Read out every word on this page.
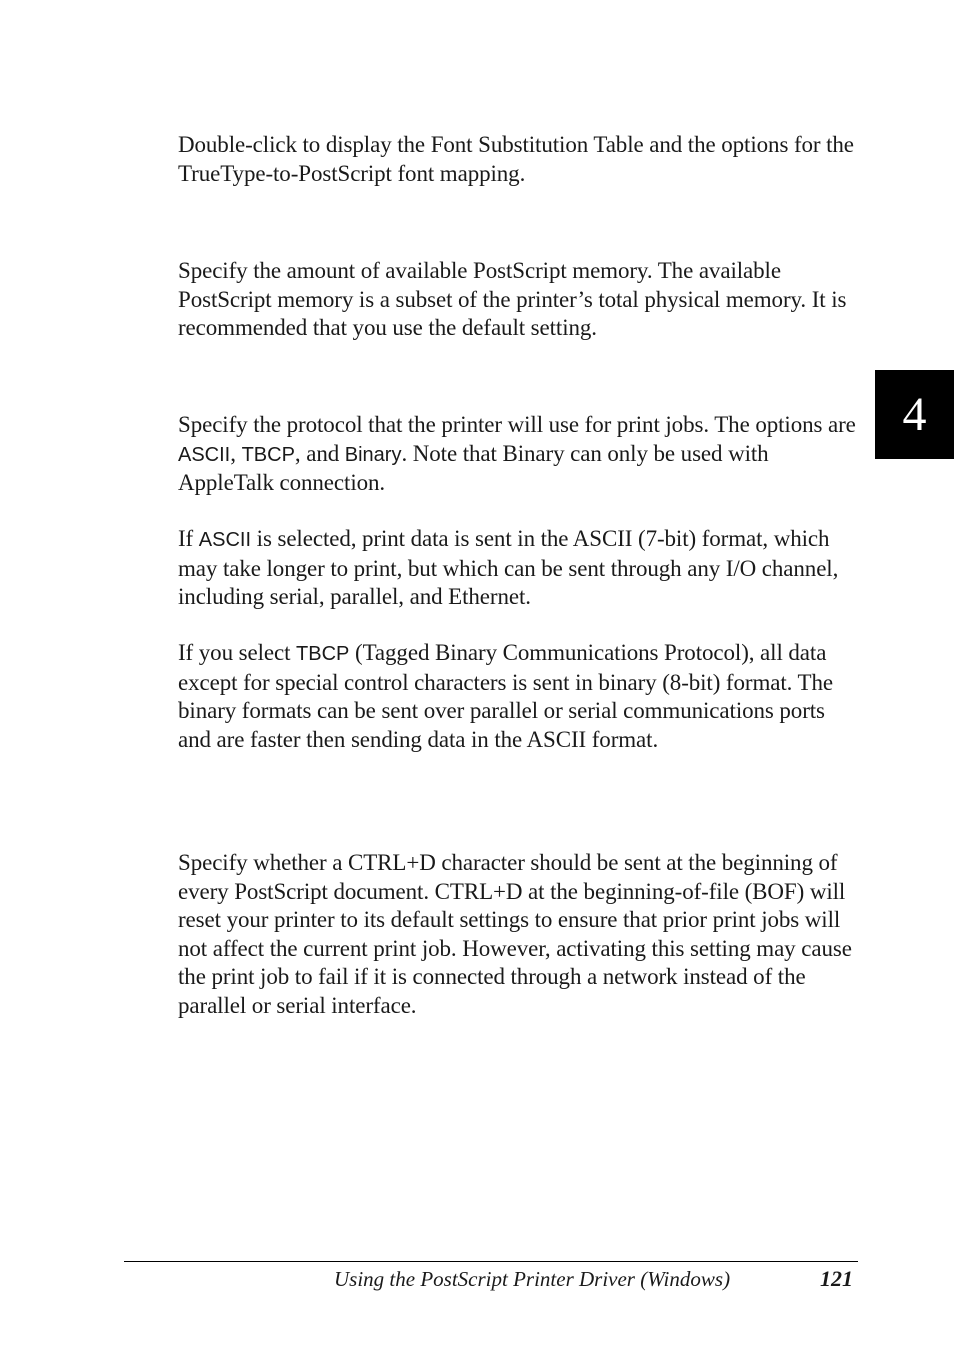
Double-click to display the Font Substitution Table and the options for the TrueType-to-PostScript font mapping.

Specify the amount of available PostScript memory. The available PostScript memory is a subset of the printer’s total physical memory. It is recommended that you use the default setting.

Specify the protocol that the printer will use for print jobs. The options are ASCII, TBCP, and Binary. Note that Binary can only be used with AppleTalk connection.

If ASCII is selected, print data is sent in the ASCII (7-bit) format, which may take longer to print, but which can be sent through any I/O channel, including serial, parallel, and Ethernet.

If you select TBCP (Tagged Binary Communications Protocol), all data except for special control characters is sent in binary (8-bit) format. The binary formats can be sent over parallel or serial communications ports and are faster then sending data in the ASCII format.

Specify whether a CTRL+D character should be sent at the beginning of every PostScript document. CTRL+D at the beginning-of-file (BOF) will reset your printer to its default settings to ensure that prior print jobs will not affect the current print job. However, activating this setting may cause the print job to fail if it is connected through a network instead of the parallel or serial interface.

4
Using the PostScript Printer Driver (Windows)	121
